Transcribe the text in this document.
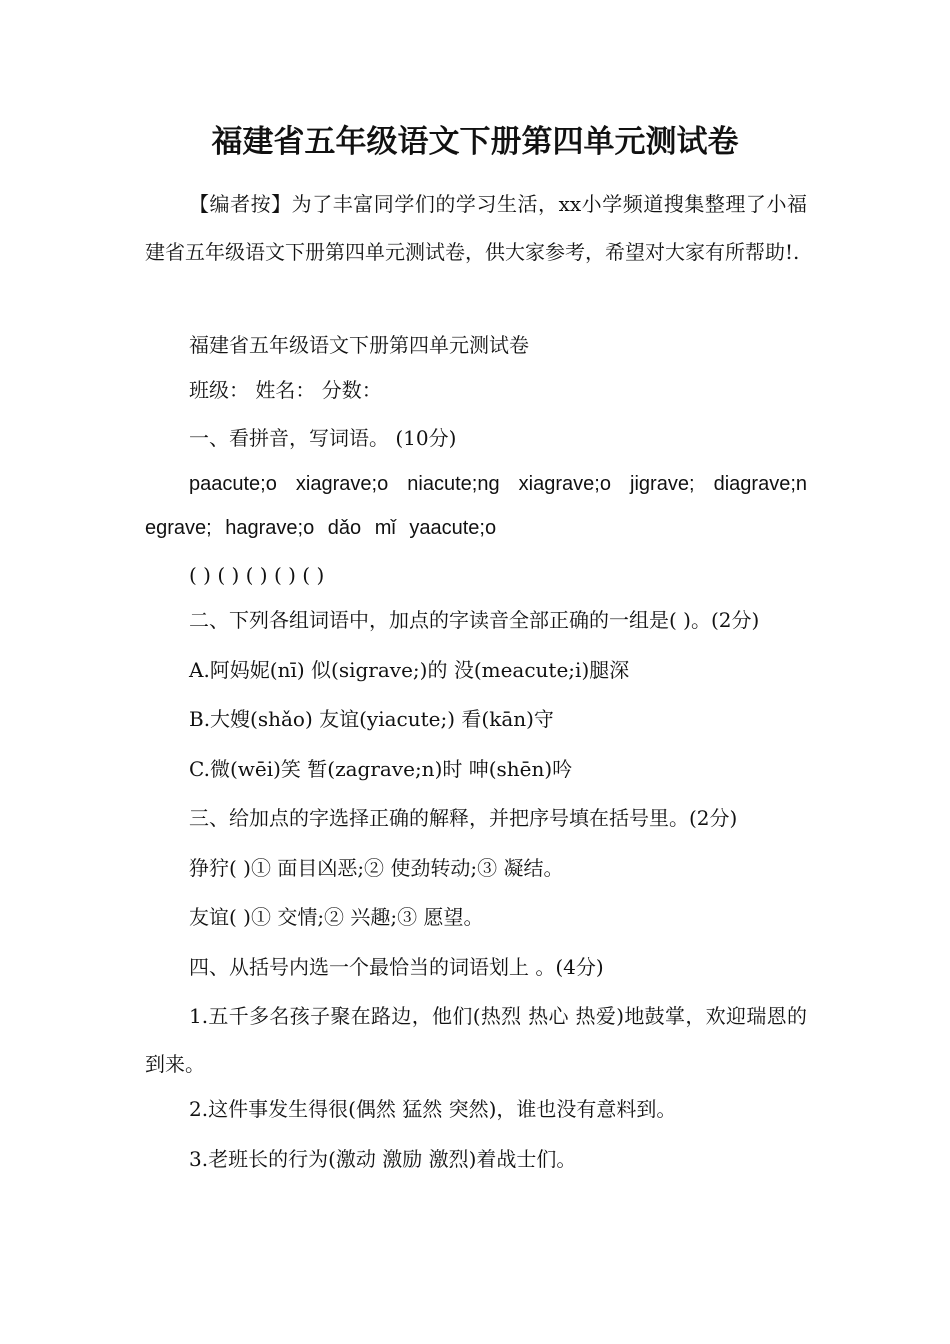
福建省五年级语文下册第四单元测试卷
【编者按】为了丰富同学们的学习生活，xx小学频道搜集整理了小福建省五年级语文下册第四单元测试卷，供大家参考，希望对大家有所帮助!.
福建省五年级语文下册第四单元测试卷
班级： 姓名： 分数：
一、看拼音，写词语。 (10分)
paacute;o xiagrave;o niacute;ng xiagrave;o jigrave; diagrave;n egrave; hagrave;o dǎo mǐ yaacute;o
( ) ( ) ( ) ( ) ( )
二、下列各组词语中，加点的字读音全部正确的一组是( )。(2分)
A.阿妈妮(nī) 似(sigrave;)的 没(meacute;i)腿深
B.大嫂(shǎo) 友谊(yiacute;) 看(kān)守
C.微(wēi)笑 暂(zagrave;n)时 呻(shēn)吟
三、给加点的字选择正确的解释，并把序号填在括号里。(2分)
狰狞( )① 面目凶恶;② 使劲转动;③ 凝结。
友谊( )① 交情;② 兴趣;③ 愿望。
四、从括号内选一个最恰当的词语划上 。(4分)
1.五千多名孩子聚在路边，他们(热烈 热心 热爱)地鼓掌，欢迎瑞恩的到来。
2.这件事发生得很(偶然 猛然 突然)，谁也没有意料到。
3.老班长的行为(激动 激励 激烈)着战士们。
